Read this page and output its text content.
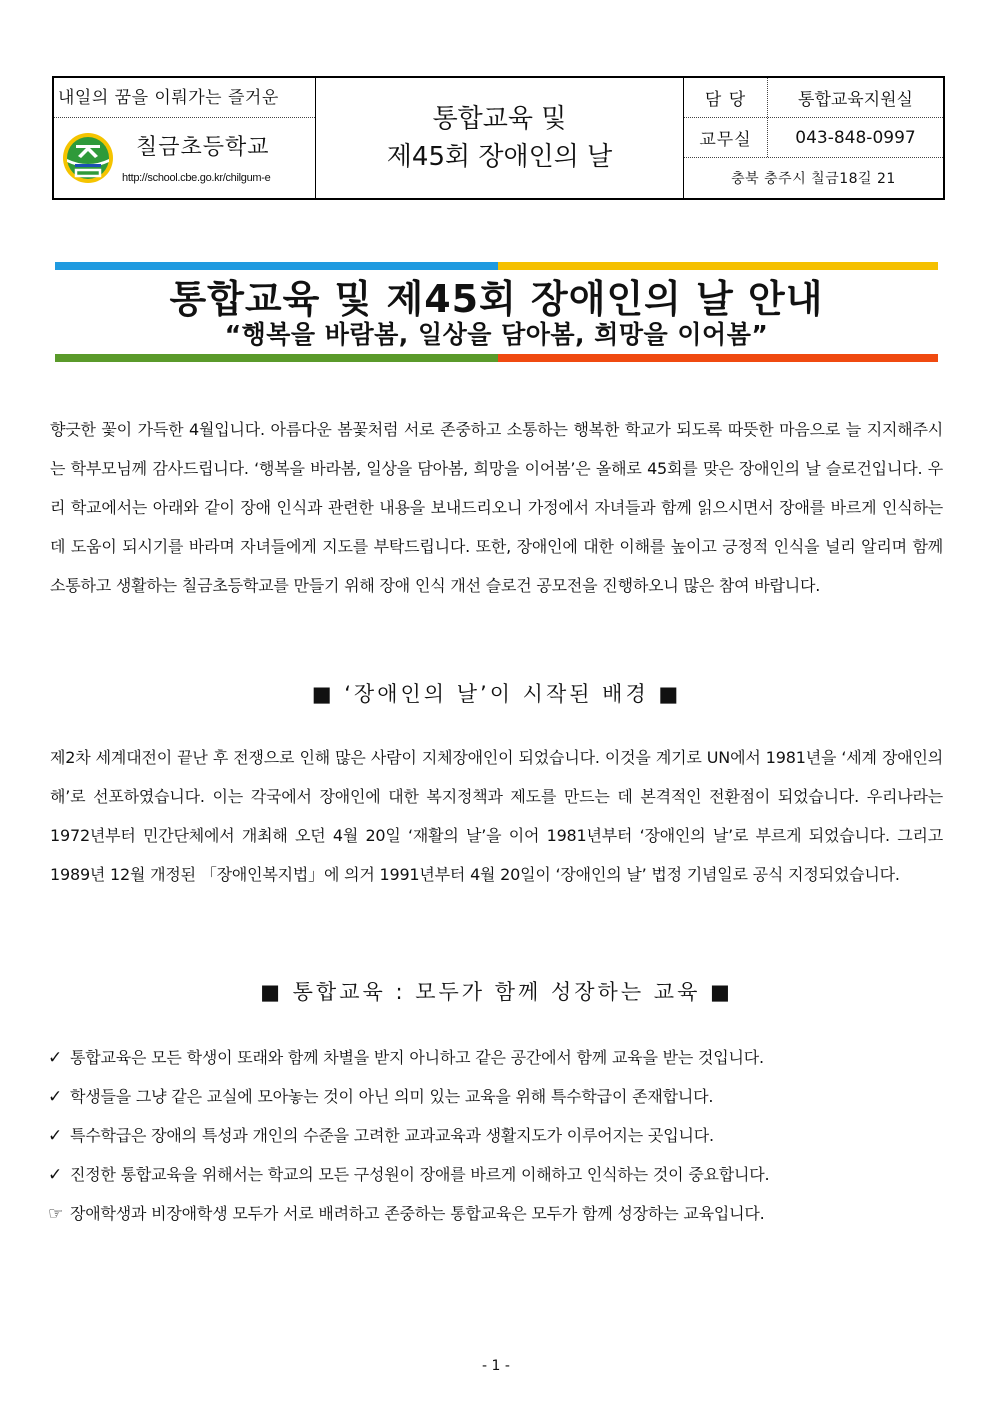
내일의 꿈을 이뤄가는 즐거운
칠금초등학교
http://school.cbe.go.kr/chilgum-e
통합교육 및
제45회 장애인의 날
담 당	통합교육지원실
교무실	043-848-0997
충북 충주시 칠금18길 21
통합교육 및 제45회 장애인의 날 안내
“행복을 바람봄, 일상을 담아봄, 희망을 이어봄”

향긋한 꽃이 가득한 4월입니다. 아름다운 봄꽃처럼 서로 존중하고 소통하는 행복한 학교가 되도록 따뜻한 마음으로 늘 지지해주시는 학부모님께 감사드립니다. ‘행복을 바라봄, 일상을 담아봄, 희망을 이어봄’은 올해로 45회를 맞은 장애인의 날 슬로건입니다. 우리 학교에서는 아래와 같이 장애 인식과 관련한 내용을 보내드리오니 가정에서 자녀들과 함께 읽으시면서 장애를 바르게 인식하는 데 도움이 되시기를 바라며 자녀들에게 지도를 부탁드립니다. 또한, 장애인에 대한 이해를 높이고 긍정적 인식을 널리 알리며 함께 소통하고 생활하는 칠금초등학교를 만들기 위해 장애 인식 개선 슬로건 공모전을 진행하오니 많은 참여 바랍니다.

■ ‘장애인의 날’이 시작된 배경 ■

제2차 세계대전이 끝난 후 전쟁으로 인해 많은 사람이 지체장애인이 되었습니다. 이것을 계기로 UN에서 1981년을 ‘세계 장애인의 해’로 선포하였습니다. 이는 각국에서 장애인에 대한 복지정책과 제도를 만드는 데 본격적인 전환점이 되었습니다. 우리나라는 1972년부터 민간단체에서 개최해 오던 4월 20일 ‘재활의 날’을 이어 1981년부터 ‘장애인의 날’로 부르게 되었습니다. 그리고 1989년 12월 개정된 「장애인복지법」에 의거 1991년부터 4월 20일이 ‘장애인의 날’ 법정 기념일로 공식 지정되었습니다.

■ 통합교육 : 모두가 함께 성장하는 교육 ■
✓ 통합교육은 모든 학생이 또래와 함께 차별을 받지 아니하고 같은 공간에서 함께 교육을 받는 것입니다.
✓ 학생들을 그냥 같은 교실에 모아놓는 것이 아닌 의미 있는 교육을 위해 특수학급이 존재합니다.
✓ 특수학급은 장애의 특성과 개인의 수준을 고려한 교과교육과 생활지도가 이루어지는 곳입니다.
✓ 진정한 통합교육을 위해서는 학교의 모든 구성원이 장애를 바르게 이해하고 인식하는 것이 중요합니다.
☞ 장애학생과 비장애학생 모두가 서로 배려하고 존중하는 통합교육은 모두가 함께 성장하는 교육입니다.
- 1 -
